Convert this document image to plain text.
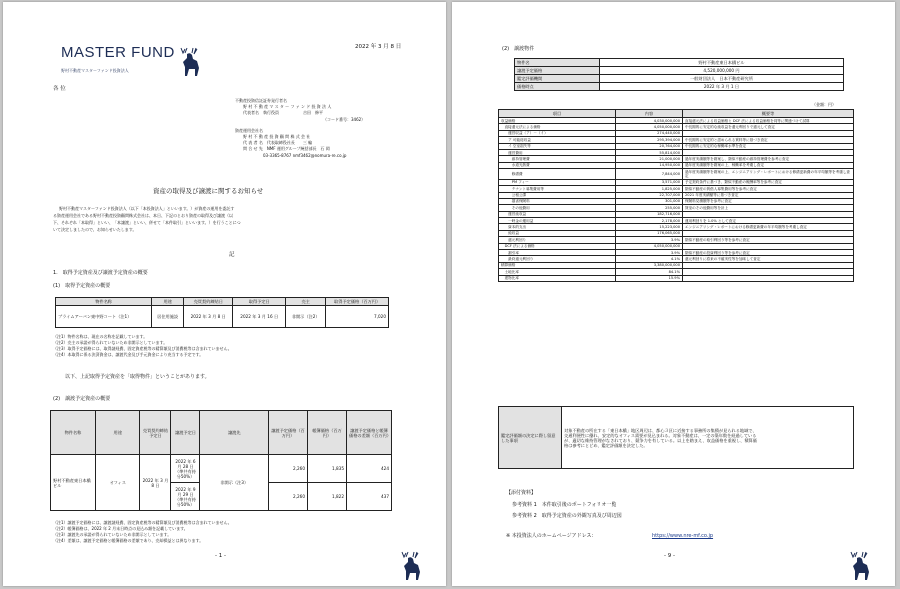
2022 年 3 月 8 日
MASTER FUND
野村不動産マスターファンド投資法人
各 位
不動産投資信託証券発行者名
野 村 不 動 産 マ ス タ ー フ ァ ン ド 投 資 法 人
代表者名　執行役員　　　　　　吉田　修平
（コード番号：3462）
資産運用会社名
野 村 不 動 産 投 資 顧 問 株 式 会 社
代 表 者 名　代表取締役社長　　三 輪　　　
問 合 せ 先　NMF 運用グループ統括部長　石 岡　　　
03-3365-8767 nmf3462@nomura-re.co.jp
資産の取得及び譲渡に関するお知らせ
野村不動産マスターファンド投資法人（以下「本投資法人」といいます。）が資産の運用を委託す
る資産運用会社である野村不動産投資顧問株式会社は、本日、下記のとおり資産の取得及び譲渡（以
下、それぞれ「本取得」といい、「本譲渡」といい、併せて「本件取引」といいます。）を行うことにつ
いて決定しましたので、お知らせいたします。
記
1.　取得予定資産及び譲渡予定資産の概要
(1)　取得予定資産の概要
物件名称	用途	売買契約締結日	取得予定日	売主	取得予定価格（百万円）
プライムアーバン東中野コート（注1）	居住用施設	2022 年 3 月 8 日	2022 年 3 月 16 日	非開示（注2）	7,020
（注1）物件名称は、現在の名称を記載しています。
（注2）売主の承諾が得られていないため非開示としています。
（注3）取得予定価格には、取得諸経費、固定資産税等の精算額及び消費税等は含まれていません。
（注4）本取得に係る決済資金は、譲渡代金及び手元資金により充当する予定です。
以下、上記取得予定資産を「取得物件」ということがあります。
(2)　譲渡予定資産の概要
物件名称	用途	売買契約締結予定日	譲渡予定日	譲渡先	譲渡予定価格（百万円）	帳簿価格（百万円）	譲渡予定価格と帳簿価格の差額（百万円）
野村不動産東日本橋ビル	オフィス	2022 年 3 月 8 日	2022 年 6 月 28 日（準共有持分50%）	非開示（注3）	2,260	1,835	424
			2022 年 9 月 29 日（準共有持分50%）		2,260	1,822	437
（注1）譲渡予定価格には、譲渡諸経費、固定資産税等の精算額及び消費税等は含まれていません。
（注2）帳簿価格は、2022 年 2 月末日時点の見込み額を記載しています。
（注3）譲渡先の承諾が得られていないため非開示としています。
（注4）差額は、譲渡予定価格と帳簿価格の差額であり、売却損益とは異なります。
- 1 -
(2)　譲渡物件
物件名	野村不動産東日本橋ビル
譲渡予定価格	4,520,000,000 円
鑑定評価機関	一般財団法人　日本不動産研究所
価格時点	2022 年 3 月 1 日
（金額：円）
項目	内容	概要等
収益価格	4,030,000,000	直接還元法による収益価格と DCF 法による収益価格を同等に関連づけて試算
　直接還元法による価格	4,050,000,000	中長期的に安定的な純収益を還元利回りで還元して査定
　　運営収益（ア）－（イ）	274,440,000	
　　ア 可能総収益	295,394,000	中長期的に安定的と認められる賃料等に基づき査定
　　イ 空室損失等	20,764,000	中長期的に安定的な稼働率水準を査定
　　運営費用	55,814,000	
　　　維持管理費	21,000,000	過年度実績額等を勘案し、類似不動産の維持管理費を参考に査定
　　　水道光熱費	14,950,000	過年度実績額等を勘案の上、稼働率を考慮し査定
　　　修繕費	7,844,000	過年度実績額等を勘案の上、エンジニアリング・レポートにおける修繕更新費の年平均額等を考慮し査定
　　　PM フィー	3,571,000	予定契約条件に基づき、類似不動産の報酬率等を参考に査定
　　　テナント募集費用等	1,825,000	類似不動産の賃借人募集費用等を参考に査定
　　　公租公課	22,707,000	2021 年度実績額等に基づき査定
　　　損害保険料	301,000	保険料見積額等を参考に査定
　　　その他費用	255,000	貸室のその他費用等を計上
　　運営純収益	182,716,000	
　　一時金の運用益	2,178,000	運用利回りを 1.0% として査定
　　資本的支出	15,223,000	エンジニアリング・レポートにおける修繕更新費の年平均額等を考慮し査定
　　純収益	176,065,000	
　　還元利回り	3.9%	類似不動産の取引利回り等を参考に査定
　DCF 法による価格	4,050,000,000	
　　割引率	3.9%	類似不動産の投資利回り等を参考に査定
　　最終還元利回り	4.1%	還元利回りに将来の不確実性等を加味して査定
積算価格	3,380,000,000	
　土地比率	84.1%	
　建物比率	15.9%	
鑑定評価額の決定に際し留意した事項	
対象不動産の所在する「東日本橋」地区周辺は、都心３区に近接する事務所の集積が見られる地域で、
交通利便性に優れ、安定的なオフィス需要が見込まれる。対象不動産は、一定の築年数を経過している
が、適切な維持管理がなされており、競争力を有している。以上を踏まえ、収益価格を重視し、積算価
格は参考にとどめ、鑑定評価額を決定した。
【添付資料】
参考資料 1　本件取引後のポートフォリオ一覧
参考資料 2　取得予定資産の外観写真及び周辺図
※ 本投資法人のホームページアドレス：	https://www.nre-mf.co.jp
- 9 -
